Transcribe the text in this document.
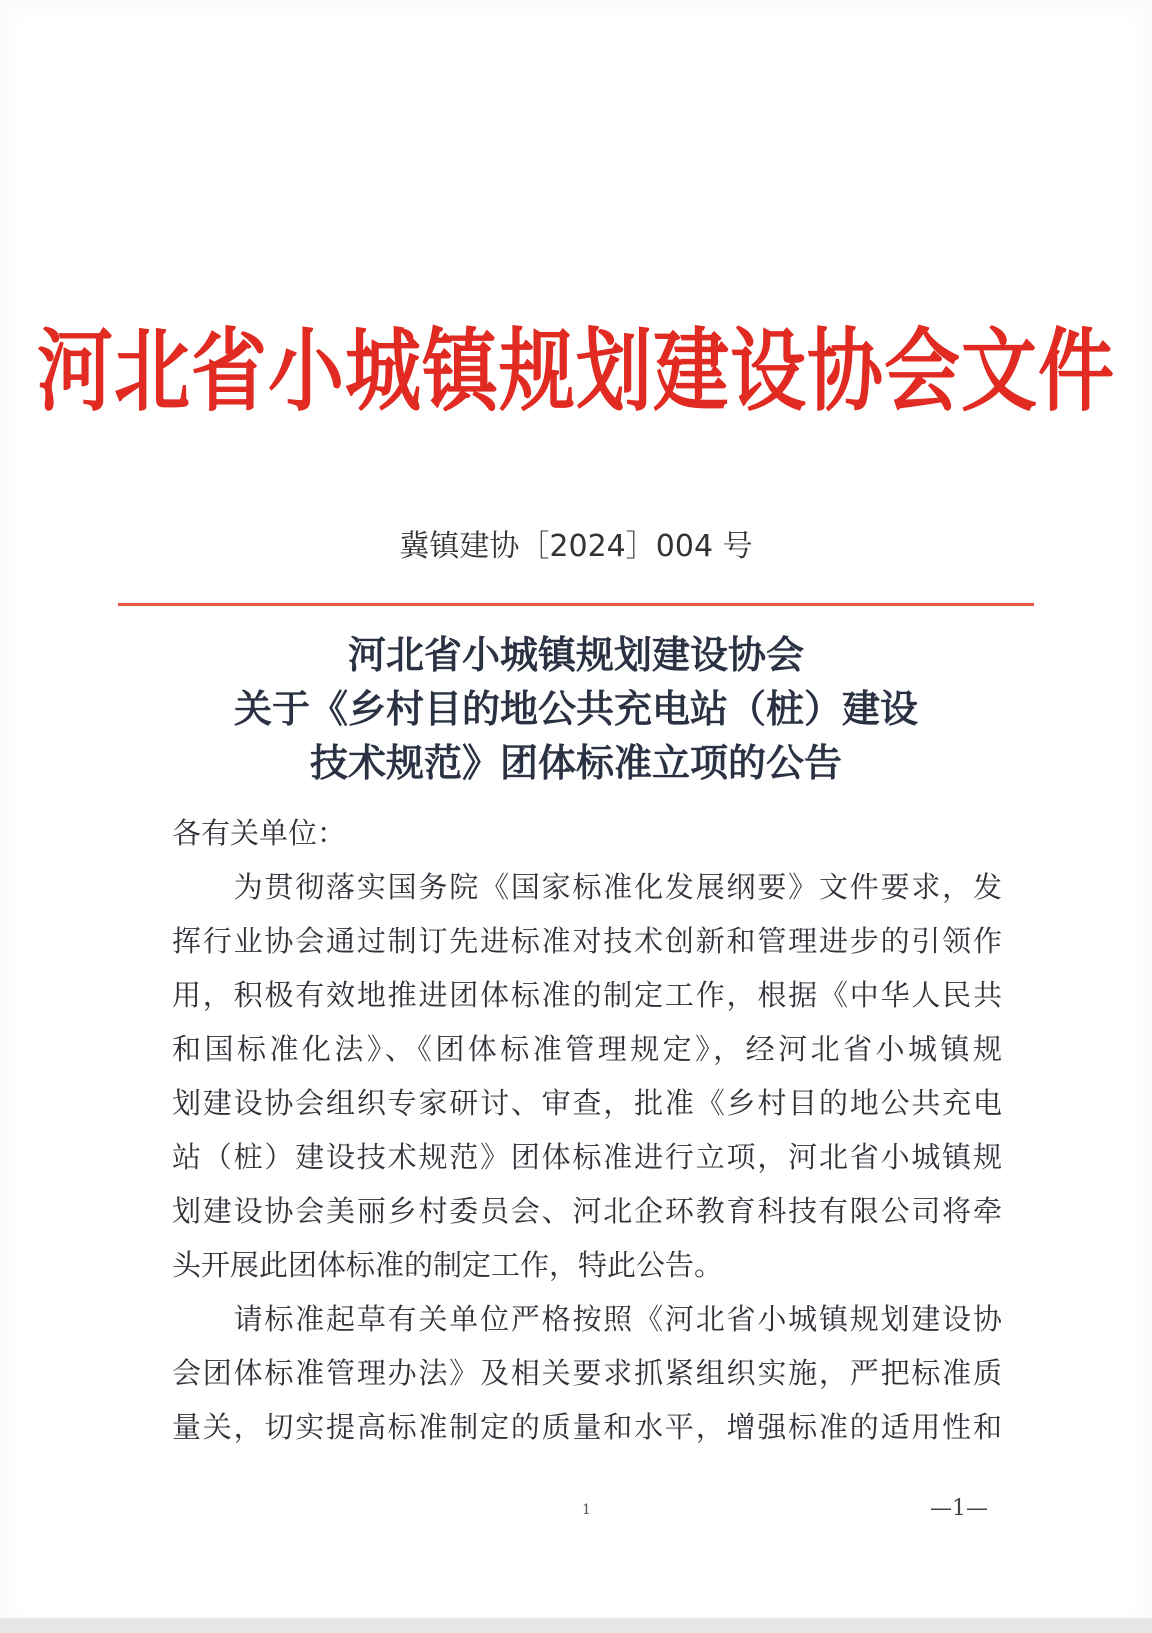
河北省小城镇规划建设协会文件
冀镇建协［2024］004 号
河北省小城镇规划建设协会
关于《乡村目的地公共充电站（桩）建设
技术规范》团体标准立项的公告
各有关单位：
　　为贯彻落实国务院《国家标准化发展纲要》文件要求，发
挥行业协会通过制订先进标准对技术创新和管理进步的引领作
用，积极有效地推进团体标准的制定工作，根据《中华人民共
和国标准化法》、《团体标准管理规定》，经河北省小城镇规
划建设协会组织专家研讨、审查，批准《乡村目的地公共充电
站（桩）建设技术规范》团体标准进行立项，河北省小城镇规
划建设协会美丽乡村委员会、河北企环教育科技有限公司将牵
头开展此团体标准的制定工作，特此公告。
　　请标准起草有关单位严格按照《河北省小城镇规划建设协
会团体标准管理办法》及相关要求抓紧组织实施，严把标准质
量关，切实提高标准制定的质量和水平，增强标准的适用性和
1	—1—
